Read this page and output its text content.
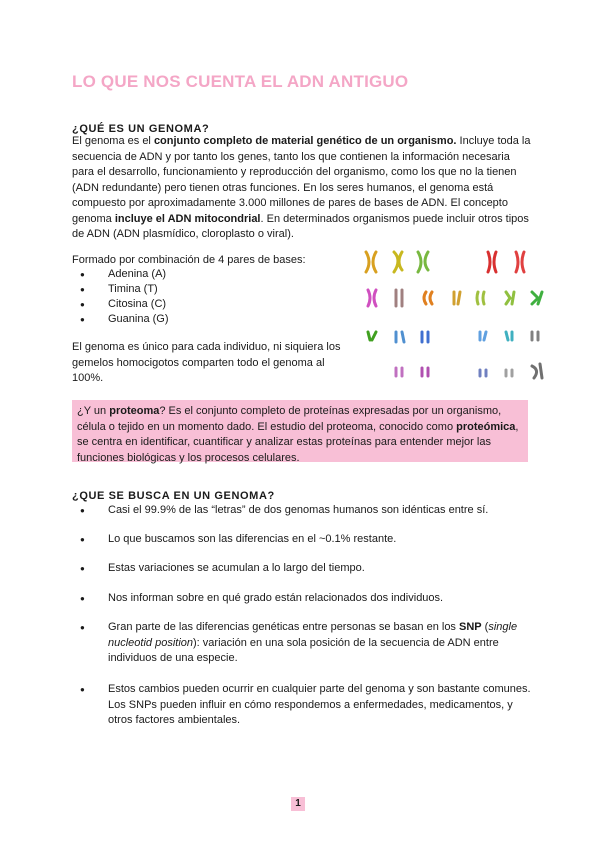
LO QUE NOS CUENTA EL ADN ANTIGUO
¿QUÉ ES UN GENOMA?

El genoma es el conjunto completo de material genético de un organismo. Incluye toda la secuencia de ADN y por tanto los genes, tanto los que contienen la información necesaria para el desarrollo, funcionamiento y reproducción del organismo, como los que no la tienen (ADN redundante) pero tienen otras funciones. En los seres humanos, el genoma está compuesto por aproximadamente 3.000 millones de pares de bases de ADN. El concepto genoma incluye el ADN mitocondrial. En determinados organismos puede incluir otros tipos de ADN (ADN plasmídico, cloroplasto o viral).

Formado por combinación de 4 pares de bases:

● Adenina (A)
● Timina (T)
● Citosina (C)
● Guanina (G)

El genoma es único para cada individuo, ni siquiera los gemelos homocigotos comparten todo el genoma al 100%.

¿Y un proteoma? Es el conjunto completo de proteínas expresadas por un organismo, célula o tejido en un momento dado. El estudio del proteoma, conocido como proteómica, se centra en identificar, cuantificar y analizar estas proteínas para entender mejor las funciones biológicas y los procesos celulares.
¿QUE SE BUSCA EN UN GENOMA?
● Casi el 99.9% de las “letras” de dos genomas humanos son idénticas entre sí.
● Lo que buscamos son las diferencias en el ~0.1% restante.
● Estas variaciones se acumulan a lo largo del tiempo.
● Nos informan sobre en qué grado están relacionados dos individuos.
● Gran parte de las diferencias genéticas entre personas se basan en los SNP (single nucleotid position): variación en una sola posición de la secuencia de ADN entre individuos de una especie.
● Estos cambios pueden ocurrir en cualquier parte del genoma y son bastante comunes. Los SNPs pueden influir en cómo respondemos a enfermedades, medicamentos, y otros factores ambientales.
1
